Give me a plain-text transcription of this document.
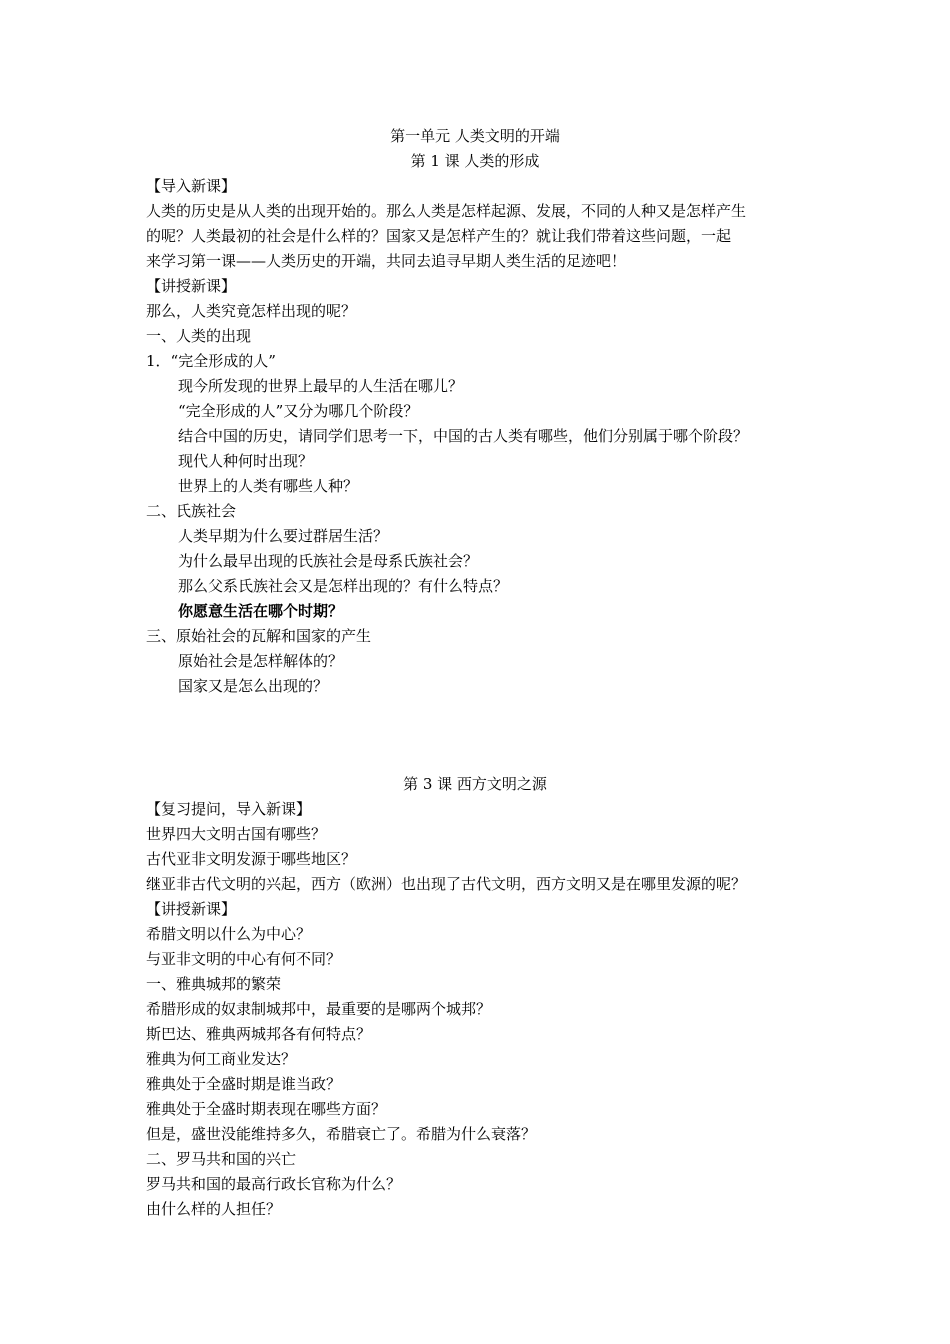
第一单元 人类文明的开端
第 1 课 人类的形成
【导入新课】
人类的历史是从人类的出现开始的。那么人类是怎样起源、发展，不同的人种又是怎样产生
的呢？人类最初的社会是什么样的？国家又是怎样产生的？就让我们带着这些问题，一起
来学习第一课——人类历史的开端，共同去追寻早期人类生活的足迹吧！
【讲授新课】
那么，人类究竟怎样出现的呢？
一、人类的出现
1．“完全形成的人”
现今所发现的世界上最早的人生活在哪儿？
“完全形成的人”又分为哪几个阶段？
结合中国的历史，请同学们思考一下，中国的古人类有哪些，他们分别属于哪个阶段？
现代人种何时出现？
世界上的人类有哪些人种？
二、氏族社会
人类早期为什么要过群居生活？
为什么最早出现的氏族社会是母系氏族社会？
那么父系氏族社会又是怎样出现的？有什么特点？
你愿意生活在哪个时期？
三、原始社会的瓦解和国家的产生
原始社会是怎样解体的？
国家又是怎么出现的？
第 3 课 西方文明之源
【复习提问，导入新课】
世界四大文明古国有哪些？
古代亚非文明发源于哪些地区？
继亚非古代文明的兴起，西方（欧洲）也出现了古代文明，西方文明又是在哪里发源的呢？
【讲授新课】
希腊文明以什么为中心？
与亚非文明的中心有何不同？
一、雅典城邦的繁荣
希腊形成的奴隶制城邦中，最重要的是哪两个城邦？
斯巴达、雅典两城邦各有何特点？
雅典为何工商业发达？
雅典处于全盛时期是谁当政？
雅典处于全盛时期表现在哪些方面？
但是，盛世没能维持多久，希腊衰亡了。希腊为什么衰落？
二、罗马共和国的兴亡
罗马共和国的最高行政长官称为什么？
由什么样的人担任？
